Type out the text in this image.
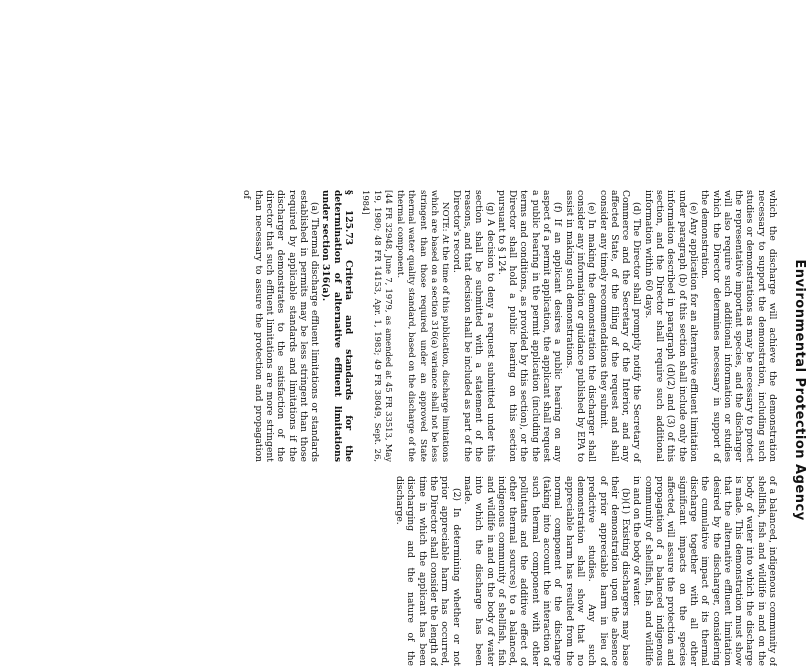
Environmental Protection Agency

which the discharge will achieve the demonstration necessary to support the demonstration, including such studies or demonstrations as may be necessary to protect the representative important species, and the discharger will also require such additional information or studies which the Director determines necessary in support of the demonstration.

(e) Any application for an alternative effluent limitation under paragraph (b) of this section shall include only the information described in paragraph (d)(2) and (3) of this section, and the Director shall require such additional information within 60 days.

(d) The Director shall promptly notify the Secretary of Commerce and the Secretary of the Interior, and any affected State, of the filing of the request and shall consider any timely recommendations they submit.

(e) In making the demonstration the discharger shall consider any information or guidance published by EPA to assist in making such demonstrations.

(f) If an applicant desires a public hearing on any aspect of a permit application, the applicant shall request a public hearing in the permit application (including the terms and conditions, as provided by this section), or the Director shall hold a public hearing on this section pursuant to § 124.

(g) A decision to deny a request submitted under this section shall be submitted with a statement of the reasons, and that decision shall be included as part of the Director's record.

NOTE: At the time of this publication, discharge limitations which are based on a section 316(a) variance shall not be less stringent than those required under an approved State thermal water quality standard, based on the discharge of the thermal component.

[44 FR 32948, June 7, 1979, as amended at 45 FR 33513, May 19, 1980; 48 FR 14153, Apr. 1, 1983; 49 FR 38049, Sept. 26, 1984]

§ 125.73 Criteria and standards for the determination of alternative effluent limitations under section 316(a).

(a) Thermal discharge effluent limitations or standards established in permits may be less stringent than those required by applicable standards and limitations if the discharger demonstrates to the satisfaction of the director that such effluent limitations are more stringent than necessary to assure the protection and propagation of

of a balanced, indigenous community of shellfish, fish and wildlife in and on the body of water into which the discharge is made. This demonstration must show that the alternative effluent limitation desired by the discharger, considering the cumulative impact of its thermal discharge together with all other significant impacts on the species affected, will assure the protection and propagation of a balanced indigenous community of shellfish, fish and wildlife in and on the body of water.

(b)(1) Existing dischargers may base their demonstration upon the absence of prior appreciable harm in lieu of predictive studies. Any such demonstration shall show that no appreciable harm has resulted from the normal component of the discharge (taking into account the interaction of such thermal component with other pollutants and the additive effect of other thermal sources) to a balanced, indigenous community of shellfish, fish and wildlife in and on the body of water into which the discharge has been made.

(2) In determining whether or not prior appreciable harm has occurred, the Director shall consider the length of time in which the applicant has been discharging and the nature of the discharge.
